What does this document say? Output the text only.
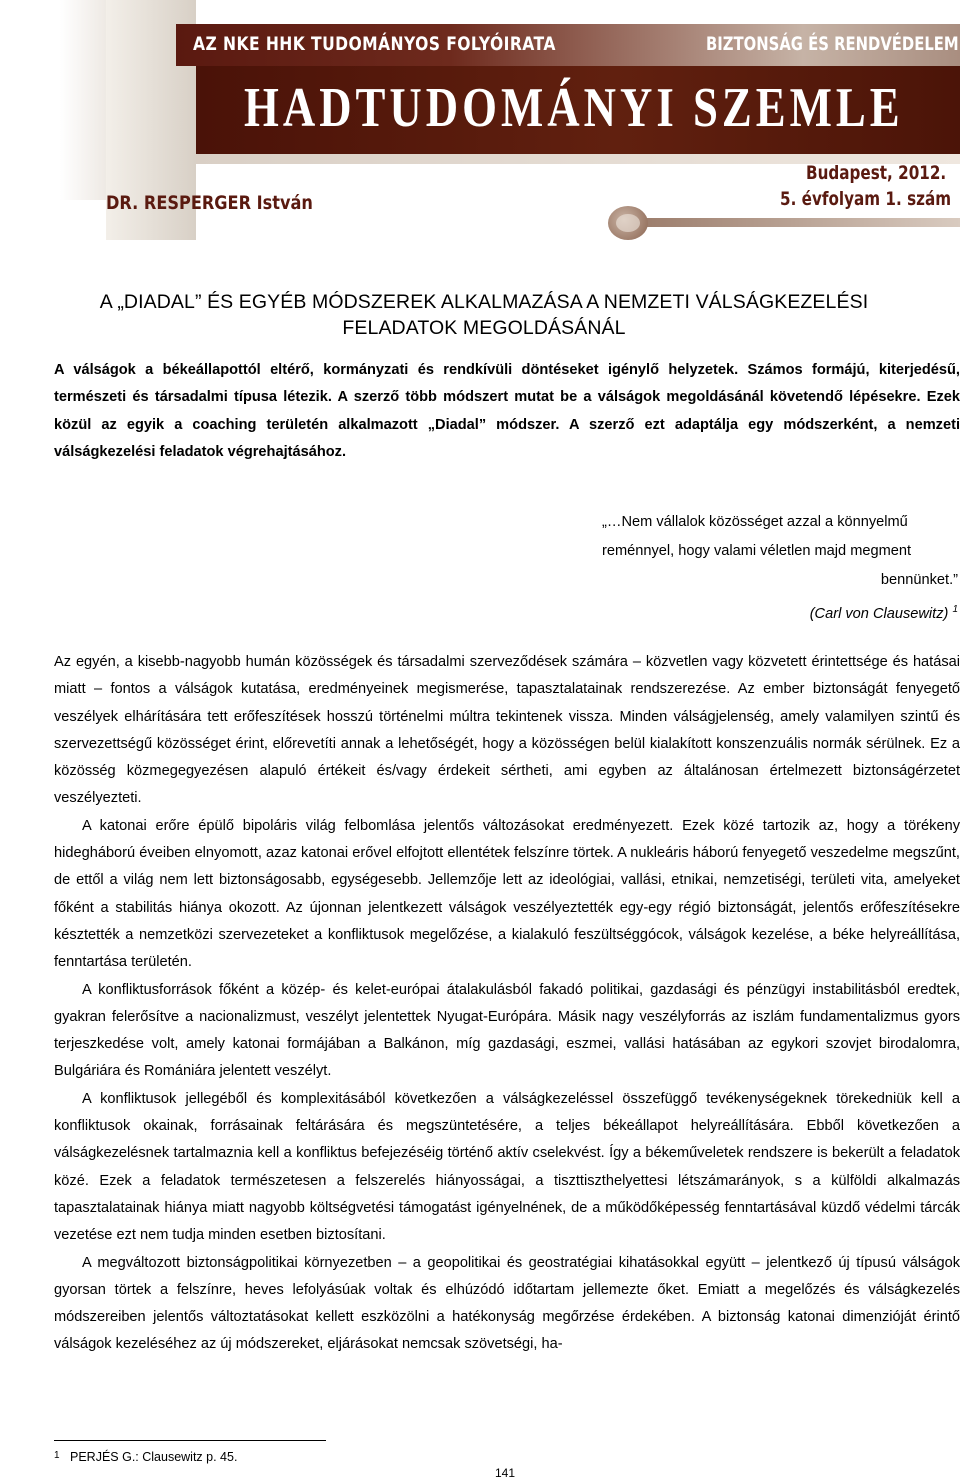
AZ NKE HHK TUDOMÁNYOS FOLYÓIRATA	BIZTONSÁG ÉS RENDVÉDELEM
HADTUDOMÁNYI SZEMLE
DR. RESPERGER István
Budapest, 2012.
5. évfolyam 1. szám
A „DIADAL” ÉS EGYÉB MÓDSZEREK ALKALMAZÁSA A NEMZETI VÁLSÁGKEZELÉSI FELADATOK MEGOLDÁSÁNÁL
A válságok a békeállapottól eltérő, kormányzati és rendkívüli döntéseket igénylő helyzetek. Számos formájú, kiterjedésű, természeti és társadalmi típusa létezik. A szerző több módszert mutat be a válságok megoldásánál követendő lépésekre. Ezek közül az egyik a coaching területén alkalmazott „Diadal” módszer. A szerző ezt adaptálja egy módszerként, a nemzeti válságkezelési feladatok végrehajtásához.
„…Nem vállalok közösséget azzal a könnyelmű reménnyel, hogy valami véletlen majd megment
bennünket.”
(Carl von Clausewitz) $^1$

Az egyén, a kisebb-nagyobb humán közösségek és társadalmi szerveződések számára – közvetlen vagy közvetett érintettsége és hatásai miatt – fontos a válságok kutatása, eredményeinek megismerése, tapasztalatainak rendszerezése. Az ember biztonságát fenyegető veszélyek elhárítására tett erőfeszítések hosszú történelmi múltra tekintenek vissza. Minden válságjelenség, amely valamilyen szintű és szervezettségű közösséget érint, előrevetíti annak a lehetőségét, hogy a közösségen belül kialakított konszenzuális normák sérülnek. Ez a közösség közmegegyezésen alapuló értékeit és/vagy érdekeit sértheti, ami egyben az általánosan értelmezett biztonságérzetet veszélyezteti.

A katonai erőre épülő bipoláris világ felbomlása jelentős változásokat eredményezett. Ezek közé tartozik az, hogy a törékeny hidegháború éveiben elnyomott, azaz katonai erővel elfojtott ellentétek felszínre törtek. A nukleáris háború fenyegető veszedelme megszűnt, de ettől a világ nem lett biztonságosabb, egységesebb. Jellemzője lett az ideológiai, vallási, etnikai, nemzetiségi, területi vita, amelyeket főként a stabilitás hiánya okozott. Az újonnan jelentkezett válságok veszélyeztették egy-egy régió biztonságát, jelentős erőfeszítésekre késztették a nemzetközi szervezeteket a konfliktusok megelőzése, a kialakuló feszültséggócok, válságok kezelése, a béke helyreállítása, fenntartása területén.

A konfliktusforrások főként a közép- és kelet-európai átalakulásból fakadó politikai, gazdasági és pénzügyi instabilitásból eredtek, gyakran felerősítve a nacionalizmust, veszélyt jelentettek Nyugat-Európára. Másik nagy veszélyforrás az iszlám fundamentalizmus gyors terjeszkedése volt, amely katonai formájában a Balkánon, míg gazdasági, eszmei, vallási hatásában az egykori szovjet birodalomra, Bulgáriára és Romániára jelentett veszélyt.

A konfliktusok jellegéből és komplexitásából következően a válságkezeléssel összefüggő tevékenységeknek törekedniük kell a konfliktusok okainak, forrásainak feltárására és megszüntetésére, a teljes békeállapot helyreállítására. Ebből következően a válságkezelésnek tartalmaznia kell a konfliktus befejezéséig történő aktív cselekvést. Így a békeműveletek rendszere is bekerült a feladatok közé. Ezek a feladatok természetesen a felszerelés hiányosságai, a tiszttiszthelyettesi létszámarányok, s a külföldi alkalmazás tapasztalatainak hiánya miatt nagyobb költségvetési támogatást igényelnének, de a működőképesség fenntartásával küzdő védelmi tárcák vezetése ezt nem tudja minden esetben biztosítani.

A megváltozott biztonságpolitikai környezetben – a geopolitikai és geostratégiai kihatásokkal együtt – jelentkező új típusú válságok gyorsan törtek a felszínre, heves lefolyásúak voltak és elhúzódó időtartam jellemezte őket. Emiatt a megelőzés és válságkezelés módszereiben jelentős változtatásokat kellett eszközölni a hatékonyság megőrzése érdekében. A biztonság katonai dimenzióját érintő válságok kezeléséhez az új módszereket, eljárásokat nemcsak szövetségi, ha-

1 PERJÉS G.: Clausewitz p. 45.
141
